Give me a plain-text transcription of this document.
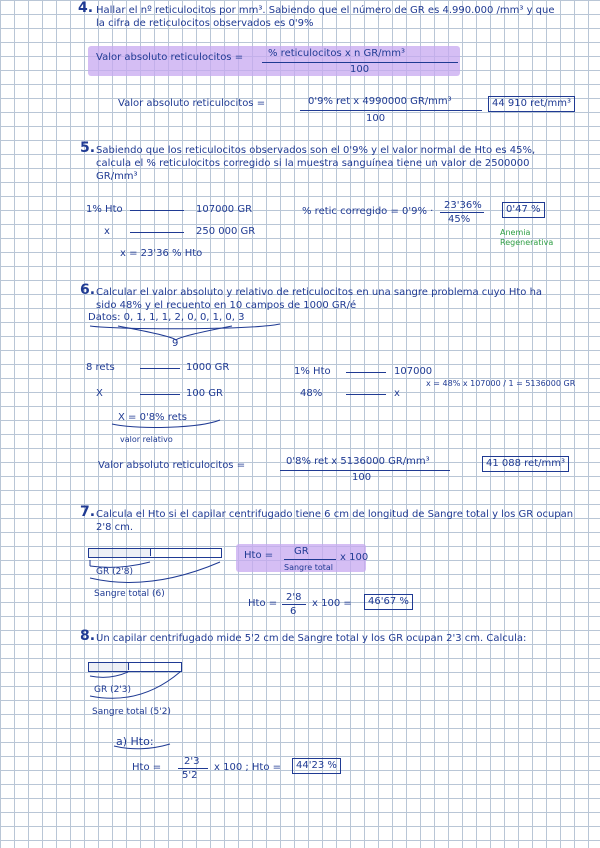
4. Hallar el nº reticulocitos por mm³. Sabiendo que el número de GR es 4.990.000 /mm³ y que la cifra de reticulocitos observados es 0'9%
Valor absoluto reticulocitos = % reticulocitos x n GR/mm³
100
Valor absoluto reticulocitos =	0'9% ret x 4990000 GR/mm³
100
44 910 ret/mm³
5. Sabiendo que los reticulocitos observados son el 0'9% y el valor normal de Hto es 45%, calcula el % reticulocitos corregido si la muestra sanguínea tiene un valor de 2500000 GR/mm³
1% Hto	107000 GR
x	250 000 GR
x = 23'36 % Hto
% retic corregido = 0'9% ·
23'36%
45%
0'47 %
Anemia
Regenerativa
6. Calcular el valor absoluto y relativo de reticulocitos en una sangre problema cuyo Hto ha sido 48% y el recuento en 10 campos de 1000 GR/é
Datos: 0, 1, 1, 1, 2, 0, 0, 1, 0, 3
9
8 rets	1000 GR
X	100 GR
X = 0'8% rets
valor relativo
1% Hto	107000
48%	x
x = 48% x 107000 / 1 = 5136000 GR
Valor absoluto reticulocitos =	0'8% ret x 5136000 GR/mm³
100
41 088 ret/mm³
7. Calcula el Hto si el capilar centrifugado tiene 6 cm de longitud de Sangre total y los GR ocupan 2'8 cm.
GR (2'8)
Sangre total (6)
Hto = GR
Sangre total
x 100
Hto =
2'8
6
x 100 =	46'67 %
8. Un capilar centrifugado mide 5'2 cm de Sangre total y los GR ocupan 2'3 cm. Calcula:
GR (2'3)
Sangre total (5'2)
a) Hto:
Hto =
2'3
5'2
x 100 ; Hto =	44'23 %
